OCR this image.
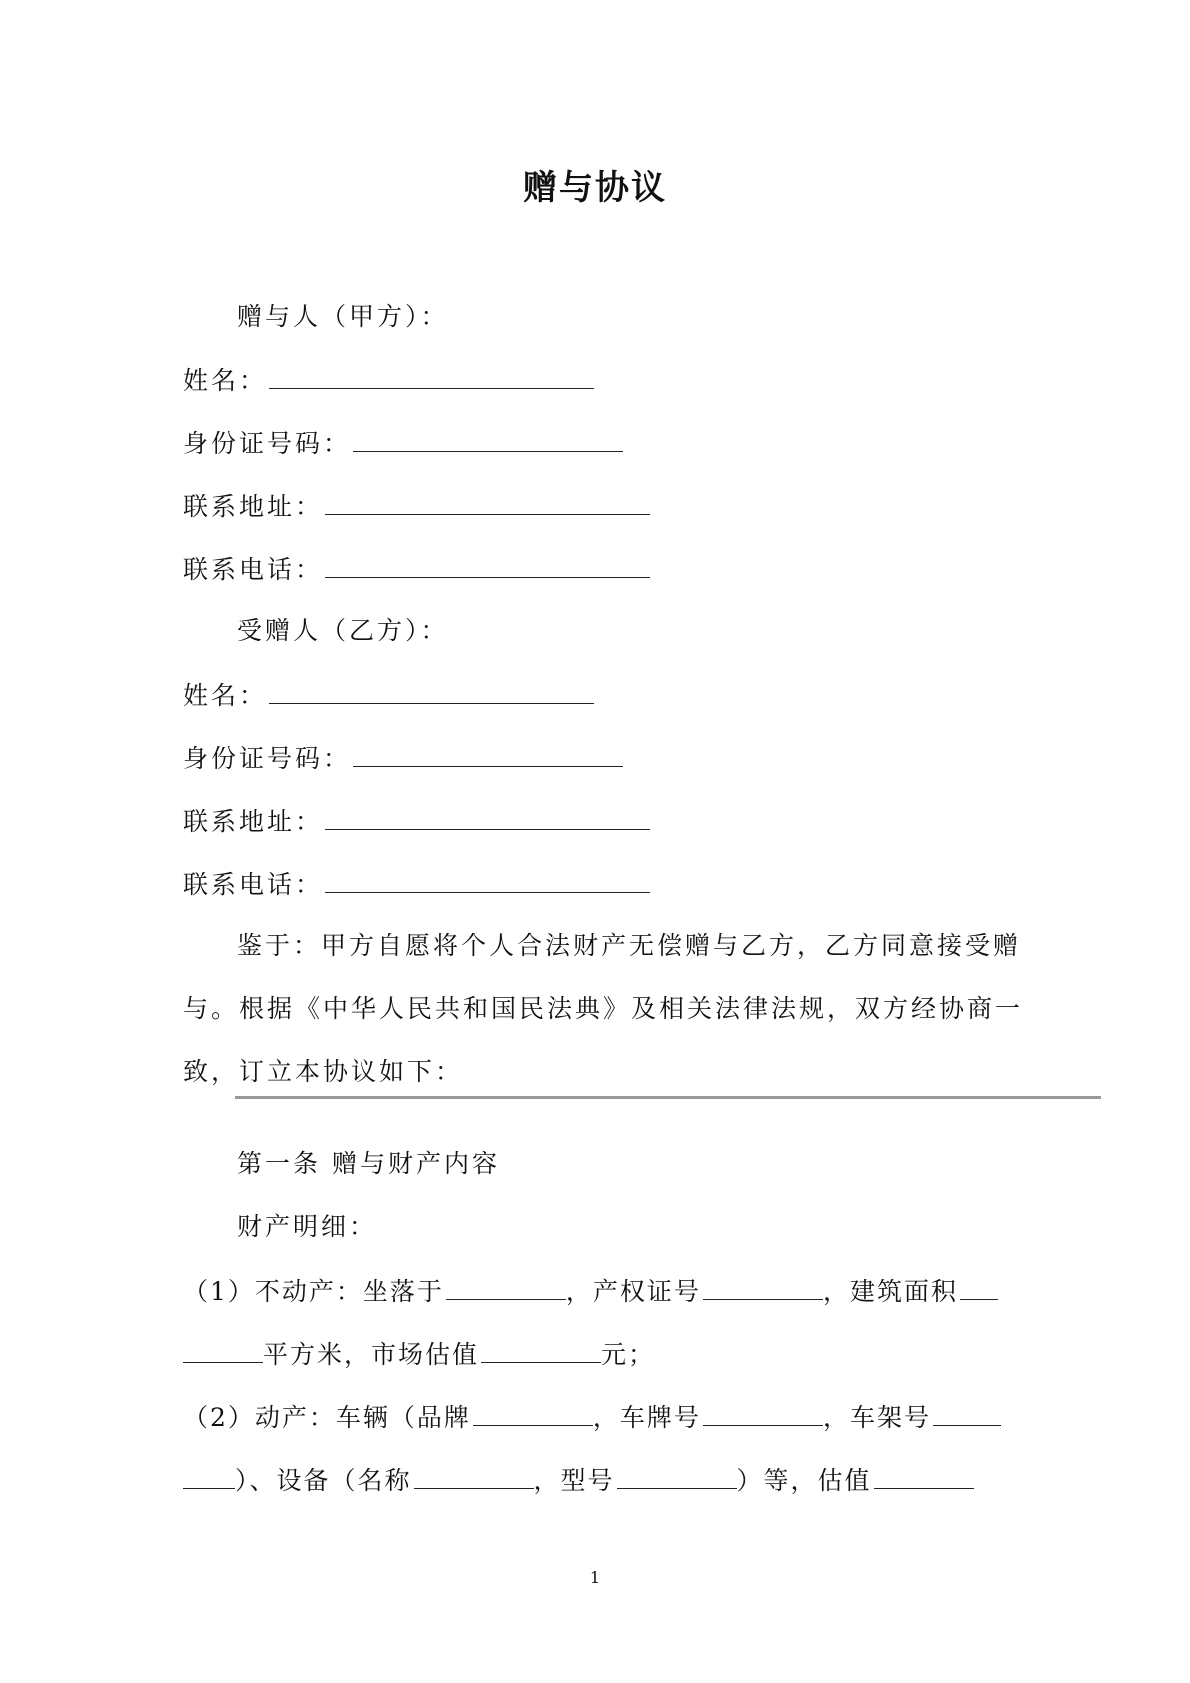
赠与协议
赠与人（甲方）：
姓名：
身份证号码：
联系地址：
联系电话：
受赠人（乙方）：
姓名：
身份证号码：
联系地址：
联系电话：
鉴于：甲方自愿将个人合法财产无偿赠与乙方，乙方同意接受赠
与。根据《中华人民共和国民法典》及相关法律法规，双方经协商一
致，订立本协议如下：
第一条 赠与财产内容
财产明细：
（1）不动产：坐落于	，产权证号	，建筑面积
平方米，市场估值	元；
（2）动产：车辆（品牌	，车牌号	，车架号
）、设备（名称	，型号	）等，估值
1
